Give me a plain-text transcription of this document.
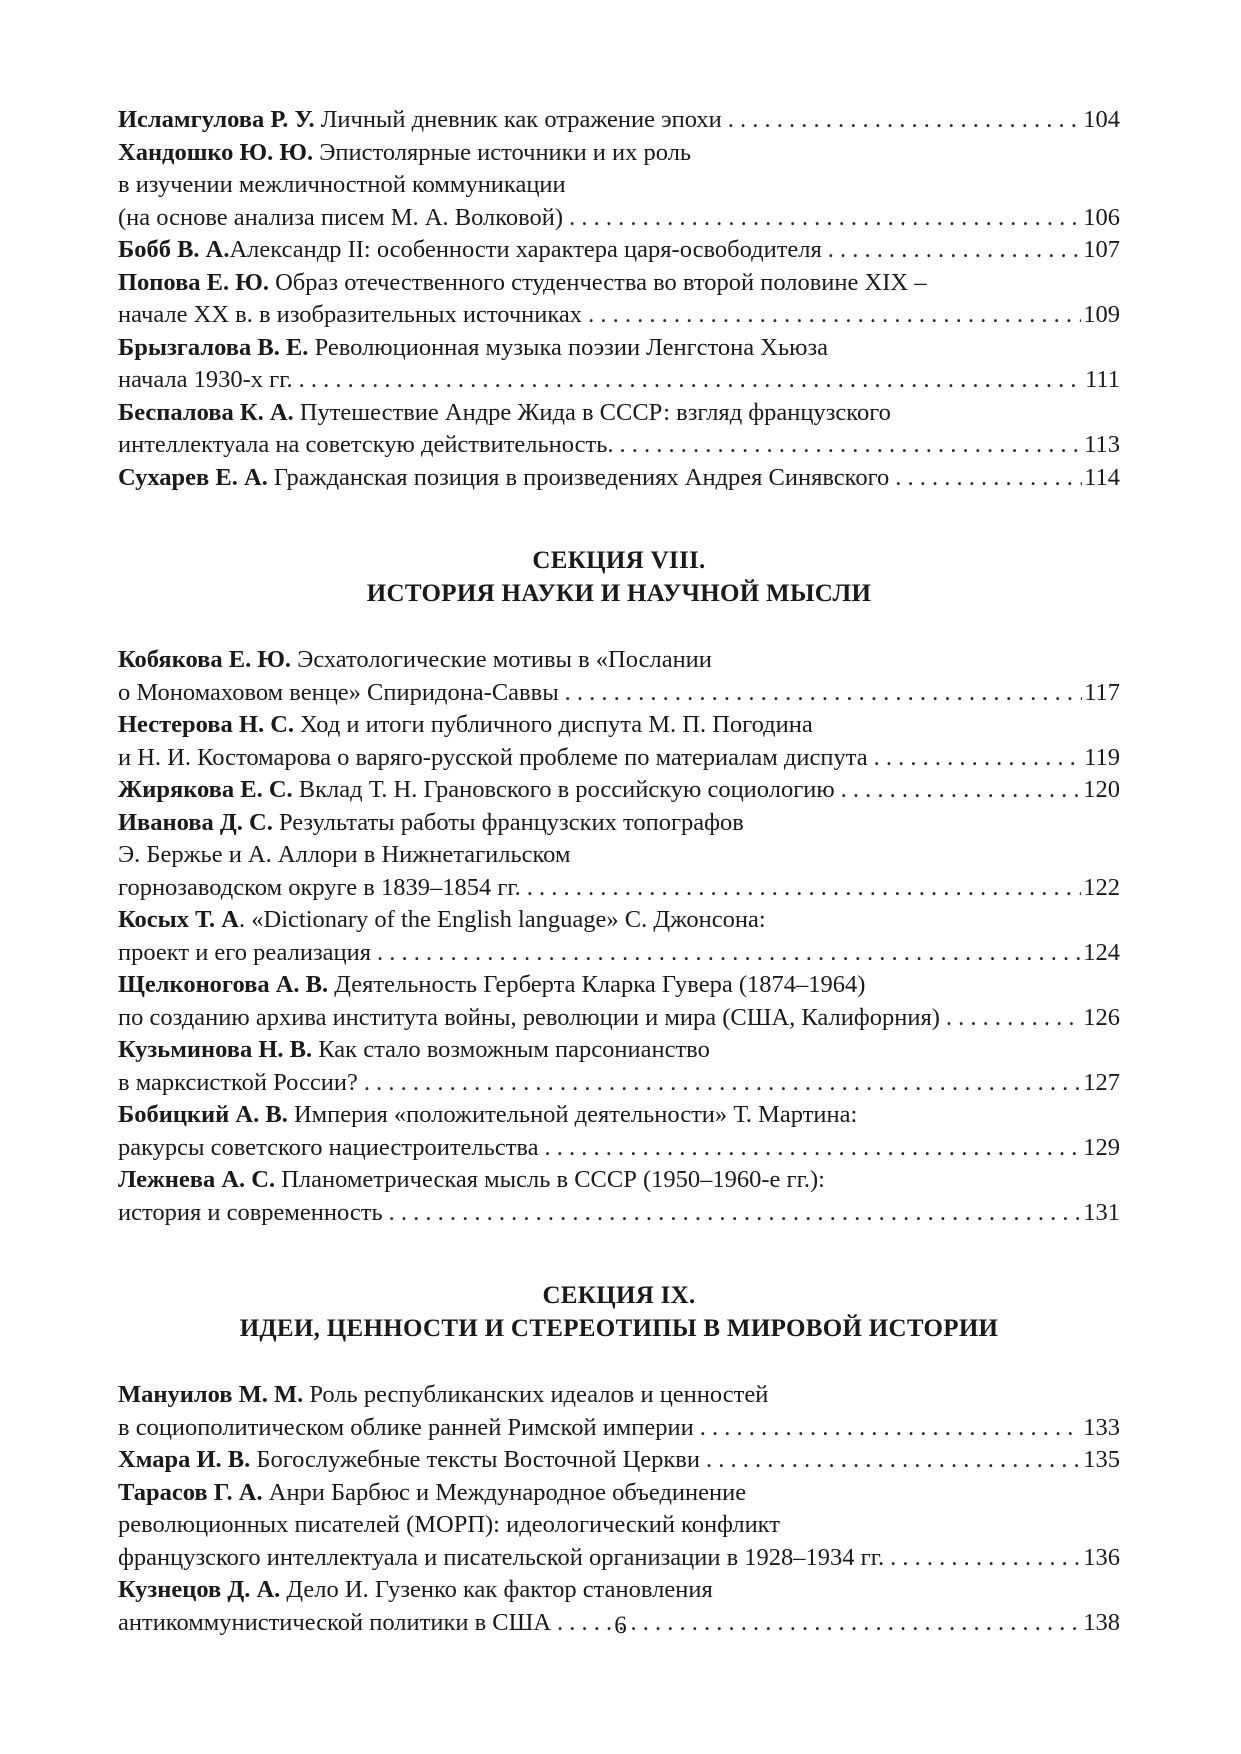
Исламгулова Р. У. Личный дневник как отражение эпохи . . .	104
Хандошко Ю. Ю. Эпистолярные источники и их роль
в изучении межличностной коммуникации
(на основе анализа писем М. А. Волковой) . . .	106
Бобб В. А.Александр II: особенности характера царя-освободителя . . .	107
Попова Е. Ю. Образ отечественного студенчества во второй половине XIX –
начале XX в. в изобразительных источниках . . .	109
Брызгалова В. Е. Революционная музыка поэзии Ленгстона Хьюза
начала 1930-х гг. . . .	111
Беспалова К. А. Путешествие Андре Жида в СССР: взгляд французского
интеллектуала на советскую действительность. . . .	113
Сухарев Е. А. Гражданская позиция в произведениях Андрея Синявского . . .	114
СЕКЦИЯ VIII.
ИСТОРИЯ НАУКИ И НАУЧНОЙ МЫСЛИ
Кобякова Е. Ю. Эсхатологические мотивы в «Послании
о Мономаховом венце» Спиридона-Саввы . . .	117
Нестерова Н. С. Ход и итоги публичного диспута М. П. Погодина
и Н. И. Костомарова о варяго-русской проблеме по материалам диспута . . .	119
Жирякова Е. С. Вклад Т. Н. Грановского в российскую социологию . . .	120
Иванова Д. С. Результаты работы французских топографов
Э. Бержье и А. Аллори в Нижнетагильском
горнозаводском округе в 1839–1854 гг. . . .	122
Косых Т. А. «Dictionary of the English language» С. Джонсона:
проект и его реализация . . .	124
Щелконогова А. В. Деятельность Герберта Кларка Гувера (1874–1964)
по созданию архива института войны, революции и мира (США, Калифорния) . . .	126
Кузьминова Н. В. Как стало возможным парсонианство
в марксисткой России? . . .	127
Бобицкий А. В. Империя «положительной деятельности» Т. Мартина:
ракурсы советского нациестроительства . . .	129
Лежнева А. С. Планометрическая мысль в СССР (1950–1960-е гг.):
история и современность . . .	131
СЕКЦИЯ IX.
ИДЕИ, ЦЕННОСТИ И СТЕРЕОТИПЫ В МИРОВОЙ ИСТОРИИ
Мануилов М. М. Роль республиканских идеалов и ценностей
в социополитическом облике ранней Римской империи . . .	133
Хмара И. В. Богослужебные тексты Восточной Церкви . . .	135
Тарасов Г. А. Анри Барбюс и Международное объединение
революционных писателей (МОРП): идеологический конфликт
французского интеллектуала и писательской организации в 1928–1934 гг. . . .	136
Кузнецов Д. А. Дело И. Гузенко как фактор становления
антикоммунистической политики в США . . .	138
6
